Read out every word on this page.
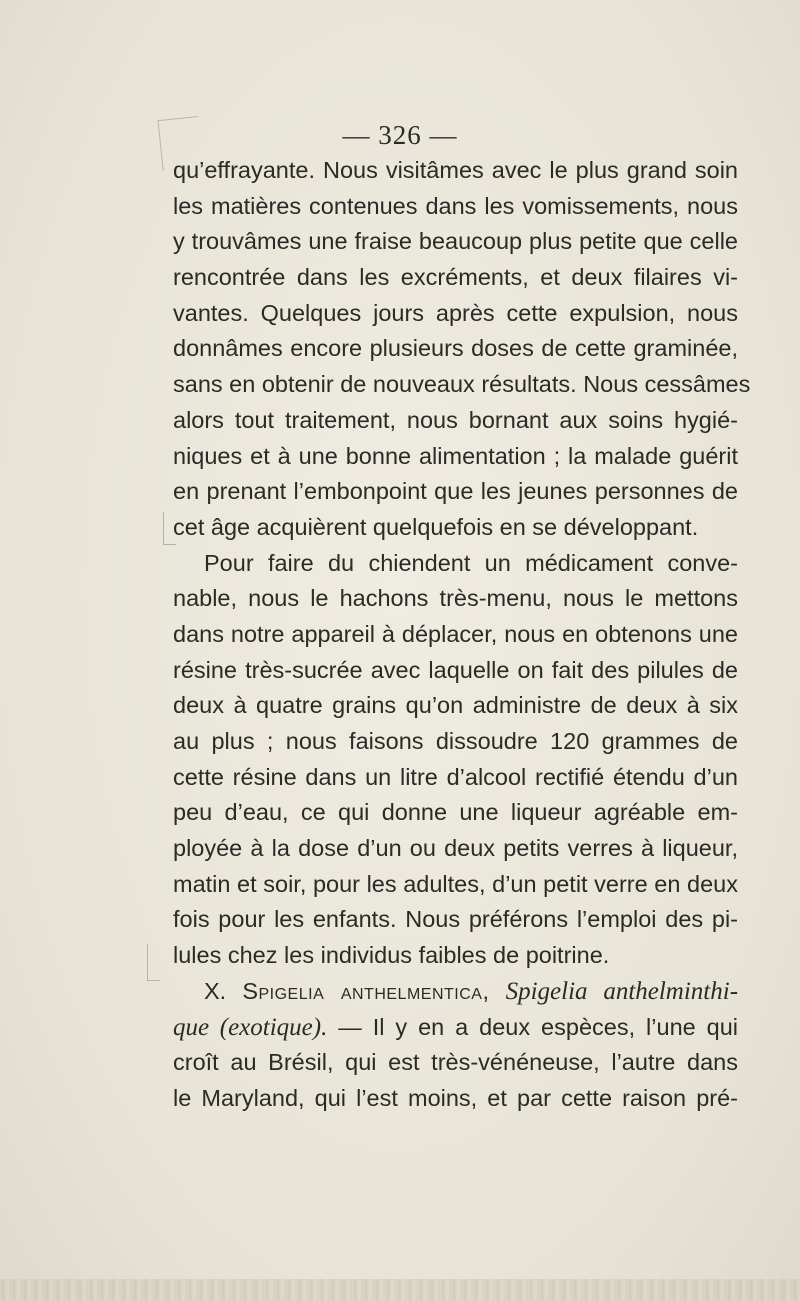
— 326 —
qu’effrayante. Nous visitâmes avec le plus grand soin
les matières contenues dans les vomissements, nous
y trouvâmes une fraise beaucoup plus petite que celle
rencontrée dans les excréments, et deux filaires vi-
vantes. Quelques jours après cette expulsion, nous
donnâmes encore plusieurs doses de cette graminée,
sans en obtenir de nouveaux résultats. Nous cessâmes
alors tout traitement, nous bornant aux soins hygié-
niques et à une bonne alimentation ; la malade guérit
en prenant l’embonpoint que les jeunes personnes de
cet âge acquièrent quelquefois en se développant.
Pour faire du chiendent un médicament conve-
nable, nous le hachons très-menu, nous le mettons
dans notre appareil à déplacer, nous en obtenons une
résine très-sucrée avec laquelle on fait des pilules de
deux à quatre grains qu’on administre de deux à six
au plus ; nous faisons dissoudre 120 grammes de
cette résine dans un litre d’alcool rectifié étendu d’un
peu d’eau, ce qui donne une liqueur agréable em-
ployée à la dose d’un ou deux petits verres à liqueur,
matin et soir, pour les adultes, d’un petit verre en deux
fois pour les enfants. Nous préférons l’emploi des pi-
lules chez les individus faibles de poitrine.
X. Spigelia anthelmentica, Spigelia anthelminthi-
que (exotique). — Il y en a deux espèces, l’une qui
croît au Brésil, qui est très-vénéneuse, l’autre dans
le Maryland, qui l’est moins, et par cette raison pré-
